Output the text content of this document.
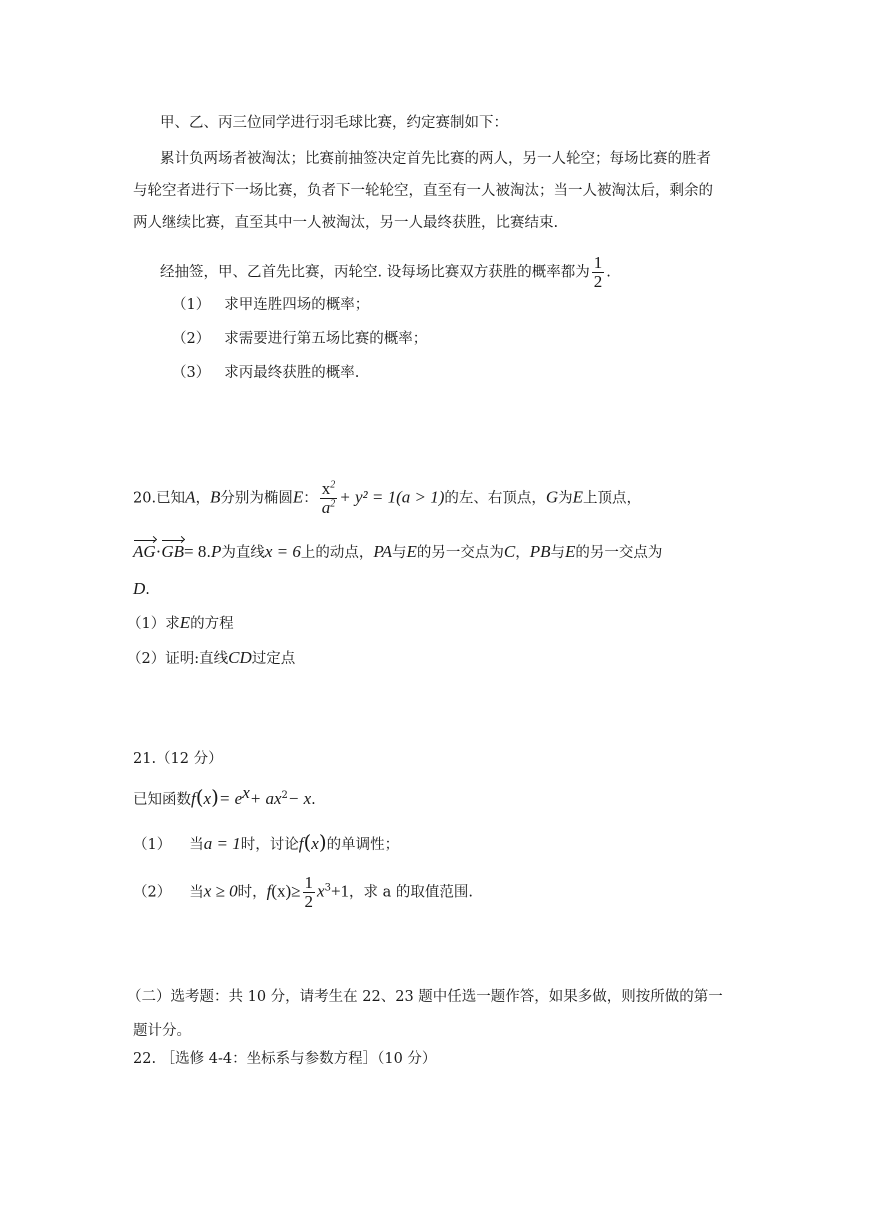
甲、乙、丙三位同学进行羽毛球比赛，约定赛制如下：
累计负两场者被淘汰；比赛前抽签决定首先比赛的两人，另一人轮空；每场比赛的胜者
与轮空者进行下一场比赛，负者下一轮轮空，直至有一人被淘汰；当一人被淘汰后，剩余的
两人继续比赛，直至其中一人被淘汰，另一人最终获胜，比赛结束.
经抽签，甲、乙首先比赛，丙轮空. 设每场比赛双方获胜的概率都为 $\frac{1}{2}$ .
（1） 求甲连胜四场的概率；
（2） 求需要进行第五场比赛的概率；
（3） 求丙最终获胜的概率.
20.已知A，B分别为椭圆E： $\frac{x^2}{a^2} + y^2 = 1(a > 1)$的左、右顶点，G为E上顶点，
AG·GB= 8.P为直线x = 6上的动点，PA与E的另一交点为C，PB与E的另一交点为
D.
（1）求E的方程
（2）证明:直线CD过定点
21.（12 分）
已知函数$f(x)= e^x+ ax^2- x$.
（1） 当a = 1时，讨论f(x)的单调性；
（2） 当x ≥ 0时，$f(x)\ge \frac{1}{2} x^3+1$，求 a 的取值范围.
（二）选考题：共 10 分，请考生在 22、23 题中任选一题作答，如果多做，则按所做的第一
题计分。
22. ［选修 4-4：坐标系与参数方程］（10 分）
